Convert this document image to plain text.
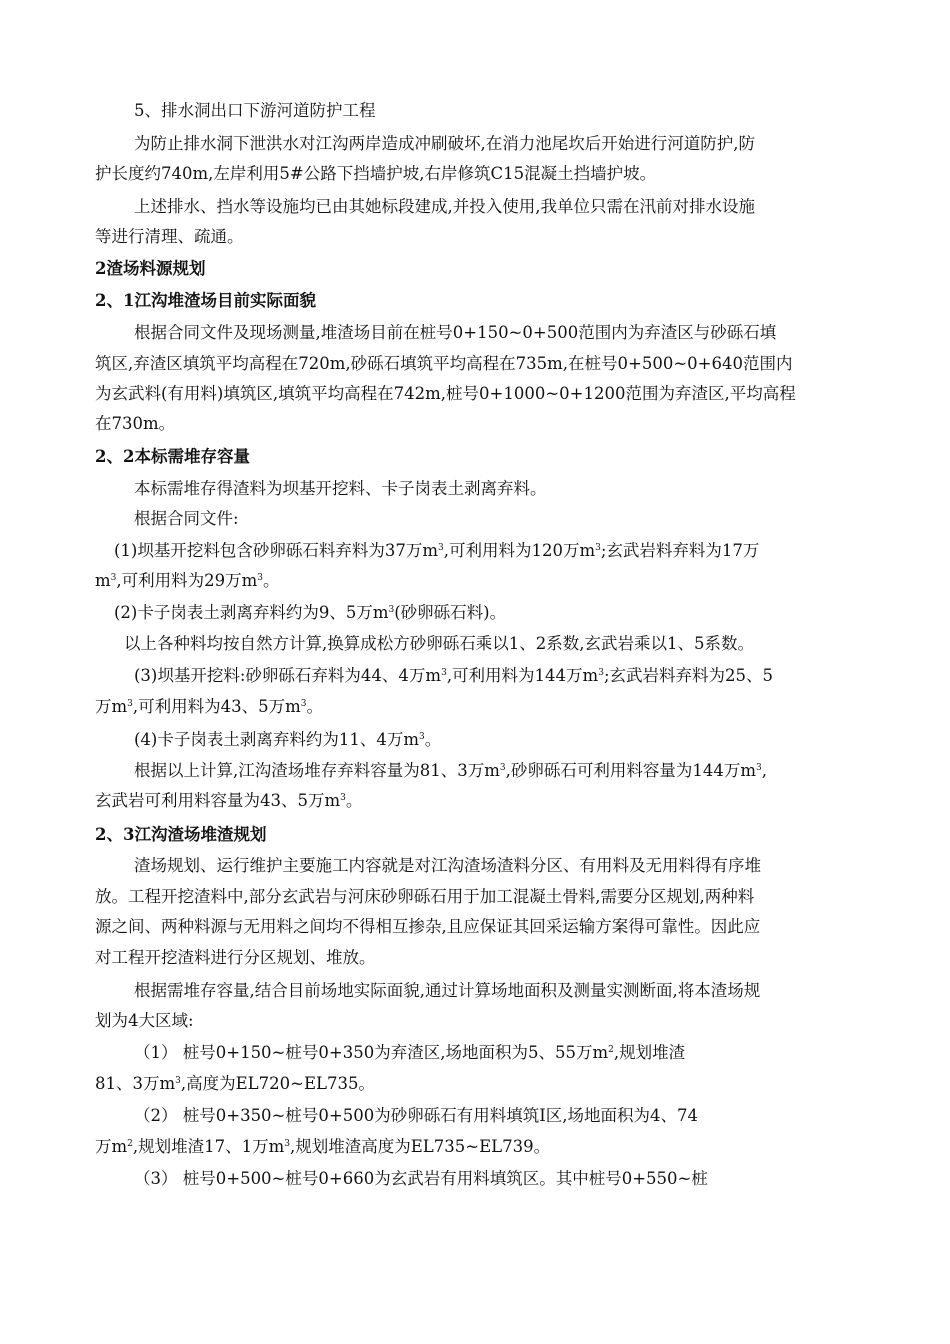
5、排水洞出口下游河道防护工程
为防止排水洞下泄洪水对江沟两岸造成冲刷破坏,在消力池尾坎后开始进行河道防护,防
护长度约740m,左岸利用5#公路下挡墙护坡,右岸修筑C15混凝土挡墙护坡。
上述排水、挡水等设施均已由其她标段建成,并投入使用,我单位只需在汛前对排水设施
等进行清理、疏通。
2渣场料源规划
2、1江沟堆渣场目前实际面貌
根据合同文件及现场测量,堆渣场目前在桩号0+150~0+500范围内为弃渣区与砂砾石填
筑区,弃渣区填筑平均高程在720m,砂砾石填筑平均高程在735m,在桩号0+500~0+640范围内
为玄武料(有用料)填筑区,填筑平均高程在742m,桩号0+1000~0+1200范围为弃渣区,平均高程
在730m。
2、2本标需堆存容量
本标需堆存得渣料为坝基开挖料、卡子岗表土剥离弃料。
根据合同文件:
(1)坝基开挖料包含砂卵砾石料弃料为37万$m^3$,可利用料为120万$m^3$;玄武岩料弃料为17万
$m^3$,可利用料为29万$m^3$。
(2)卡子岗表土剥离弃料约为9、5万$m^3$(砂卵砾石料)。
以上各种料均按自然方计算,换算成松方砂卵砾石乘以1、2系数,玄武岩乘以1、5系数。
(3)坝基开挖料:砂卵砾石弃料为44、4万$m^3$,可利用料为144万$m^3$;玄武岩料弃料为25、5
万$m^3$,可利用料为43、5万$m^3$。
(4)卡子岗表土剥离弃料约为11、4万$m^3$。
根据以上计算,江沟渣场堆存弃料容量为81、3万$m^3$,砂卵砾石可利用料容量为144万$m^3$,
玄武岩可利用料容量为43、5万$m^3$。
2、3江沟渣场堆渣规划
渣场规划、运行维护主要施工内容就是对江沟渣场渣料分区、有用料及无用料得有序堆
放。工程开挖渣料中,部分玄武岩与河床砂卵砾石用于加工混凝土骨料,需要分区规划,两种料
源之间、两种料源与无用料之间均不得相互掺杂,且应保证其回采运输方案得可靠性。因此应
对工程开挖渣料进行分区规划、堆放。
根据需堆存容量,结合目前场地实际面貌,通过计算场地面积及测量实测断面,将本渣场规
划为4大区域:
（1） 桩号0+150~桩号0+350为弃渣区,场地面积为5、55万$m^2$,规划堆渣
81、3万$m^3$,高度为EL720~EL735。
（2） 桩号0+350~桩号0+500为砂卵砾石有用料填筑Ⅰ区,场地面积为4、74
万$m^2$,规划堆渣17、1万$m^3$,规划堆渣高度为EL735~EL739。
（3） 桩号0+500~桩号0+660为玄武岩有用料填筑区。其中桩号0+550~桩
